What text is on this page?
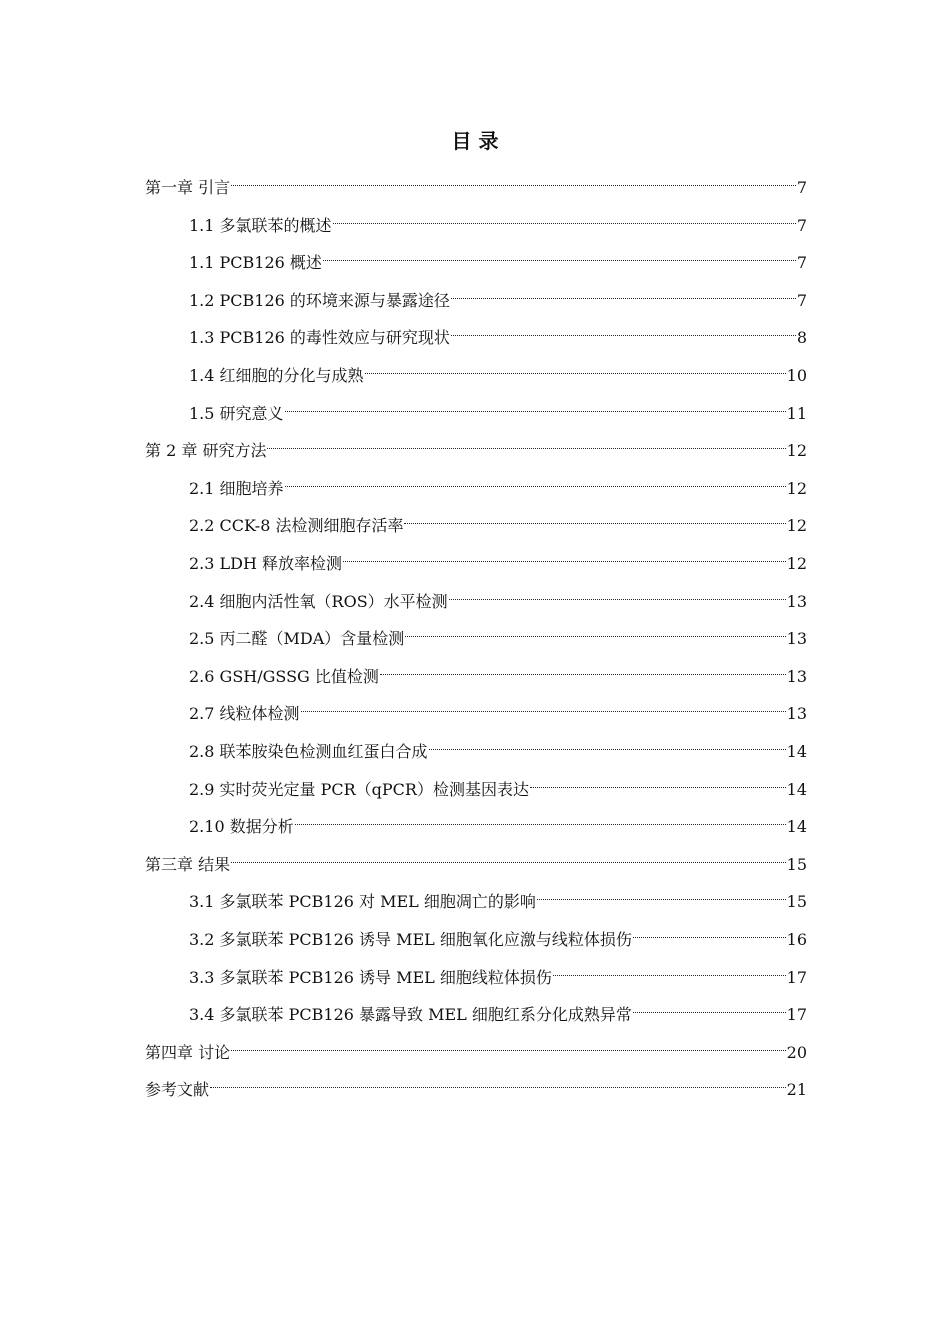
目 录
第一章 引言	7
1.1 多氯联苯的概述	7
1.1 PCB126 概述	7
1.2 PCB126 的环境来源与暴露途径	7
1.3 PCB126 的毒性效应与研究现状	8
1.4 红细胞的分化与成熟	10
1.5 研究意义	11
第 2 章 研究方法	12
2.1 细胞培养	12
2.2 CCK-8 法检测细胞存活率	12
2.3 LDH 释放率检测	12
2.4 细胞内活性氧（ROS）水平检测	13
2.5 丙二醛（MDA）含量检测	13
2.6 GSH/GSSG 比值检测	13
2.7 线粒体检测	13
2.8 联苯胺染色检测血红蛋白合成	14
2.9 实时荧光定量 PCR（qPCR）检测基因表达	14
2.10 数据分析	14
第三章 结果	15
3.1 多氯联苯 PCB126 对 MEL 细胞凋亡的影响	15
3.2 多氯联苯 PCB126 诱导 MEL 细胞氧化应激与线粒体损伤	16
3.3 多氯联苯 PCB126 诱导 MEL 细胞线粒体损伤	17
3.4 多氯联苯 PCB126 暴露导致 MEL 细胞红系分化成熟异常	17
第四章 讨论	20
参考文献	21
